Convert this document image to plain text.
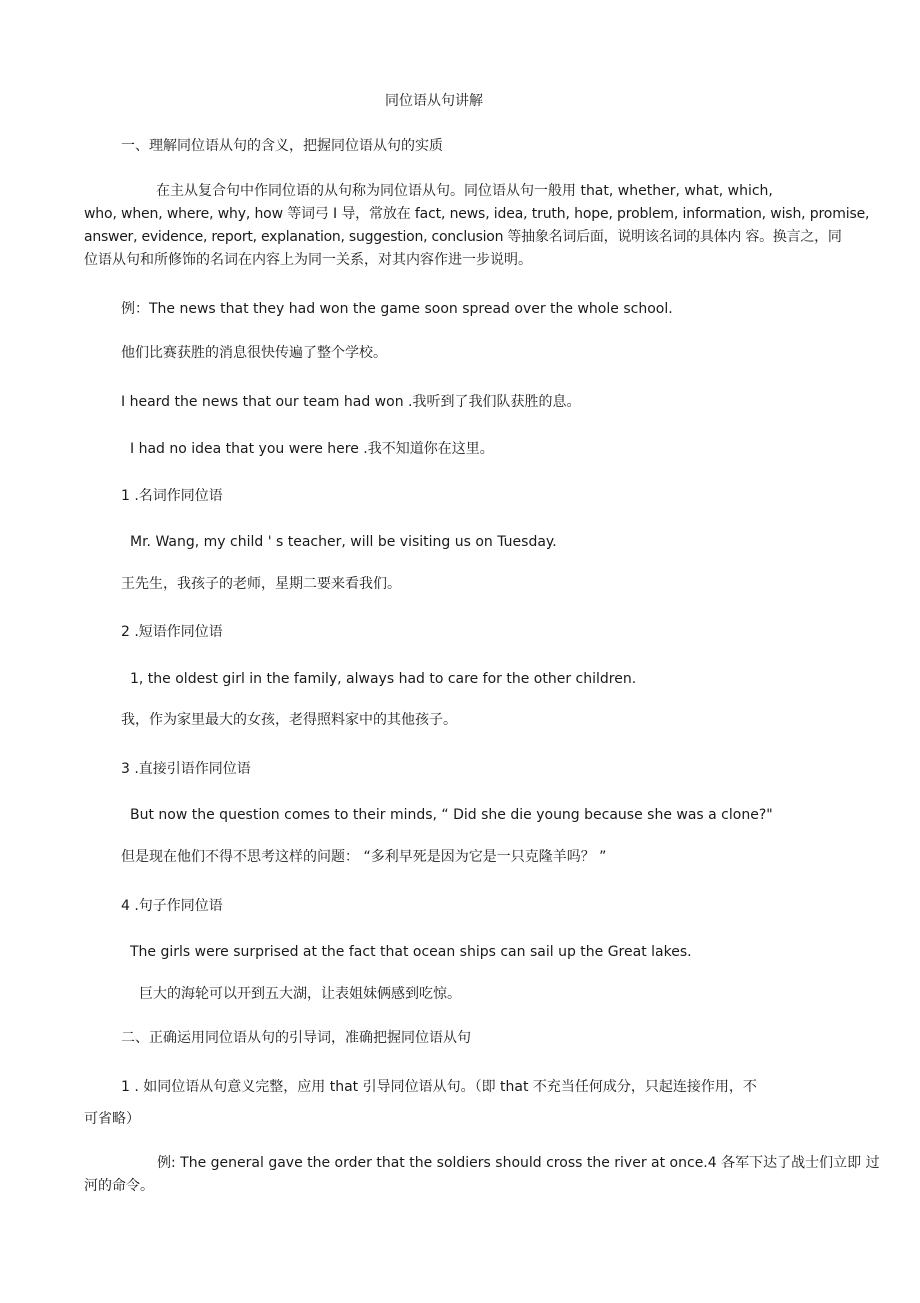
同位语从句讲解
一、理解同位语从句的含义，把握同位语从句的实质
在主从复合句中作同位语的从句称为同位语从句。同位语从句一般用 that, whether, what, which,
who, when, where, why, how 等词弓 I 导，常放在 fact, news, idea, truth, hope, problem, information, wish, promise,
answer, evidence, report, explanation, suggestion, conclusion 等抽象名词后面，说明该名词的具体内 容。换言之，同
位语从句和所修饰的名词在内容上为同一关系，对其内容作进一步说明。
例：The news that they had won the game soon spread over the whole school.
他们比赛获胜的消息很快传遍了整个学校。
I heard the news that our team had won .我听到了我们队获胜的息。
I had no idea that you were here .我不知道你在这里。
1 .名词作同位语
Mr. Wang, my child ' s teacher, will be visiting us on Tuesday.
王先生，我孩子的老师，星期二要来看我们。
2 .短语作同位语
1, the oldest girl in the family, always had to care for the other children.
我，作为家里最大的女孩，老得照料家中的其他孩子。
3 .直接引语作同位语
But now the question comes to their minds, “ Did she die young because she was a clone?"
但是现在他们不得不思考这样的问题： “多利早死是因为它是一只克隆羊吗？ ”
4 .句子作同位语
The girls were surprised at the fact that ocean ships can sail up the Great lakes.
巨大的海轮可以开到五大湖，让表姐妹俩感到吃惊。
二、正确运用同位语从句的引导词，准确把握同位语从句
1 . 如同位语从句意义完整，应用 that 引导同位语从句。（即 that 不充当任何成分，只起连接作用，不
可省略）
例: The general gave the order that the soldiers should cross the river at once.4 各军下达了战士们立即 过
河的命令。
